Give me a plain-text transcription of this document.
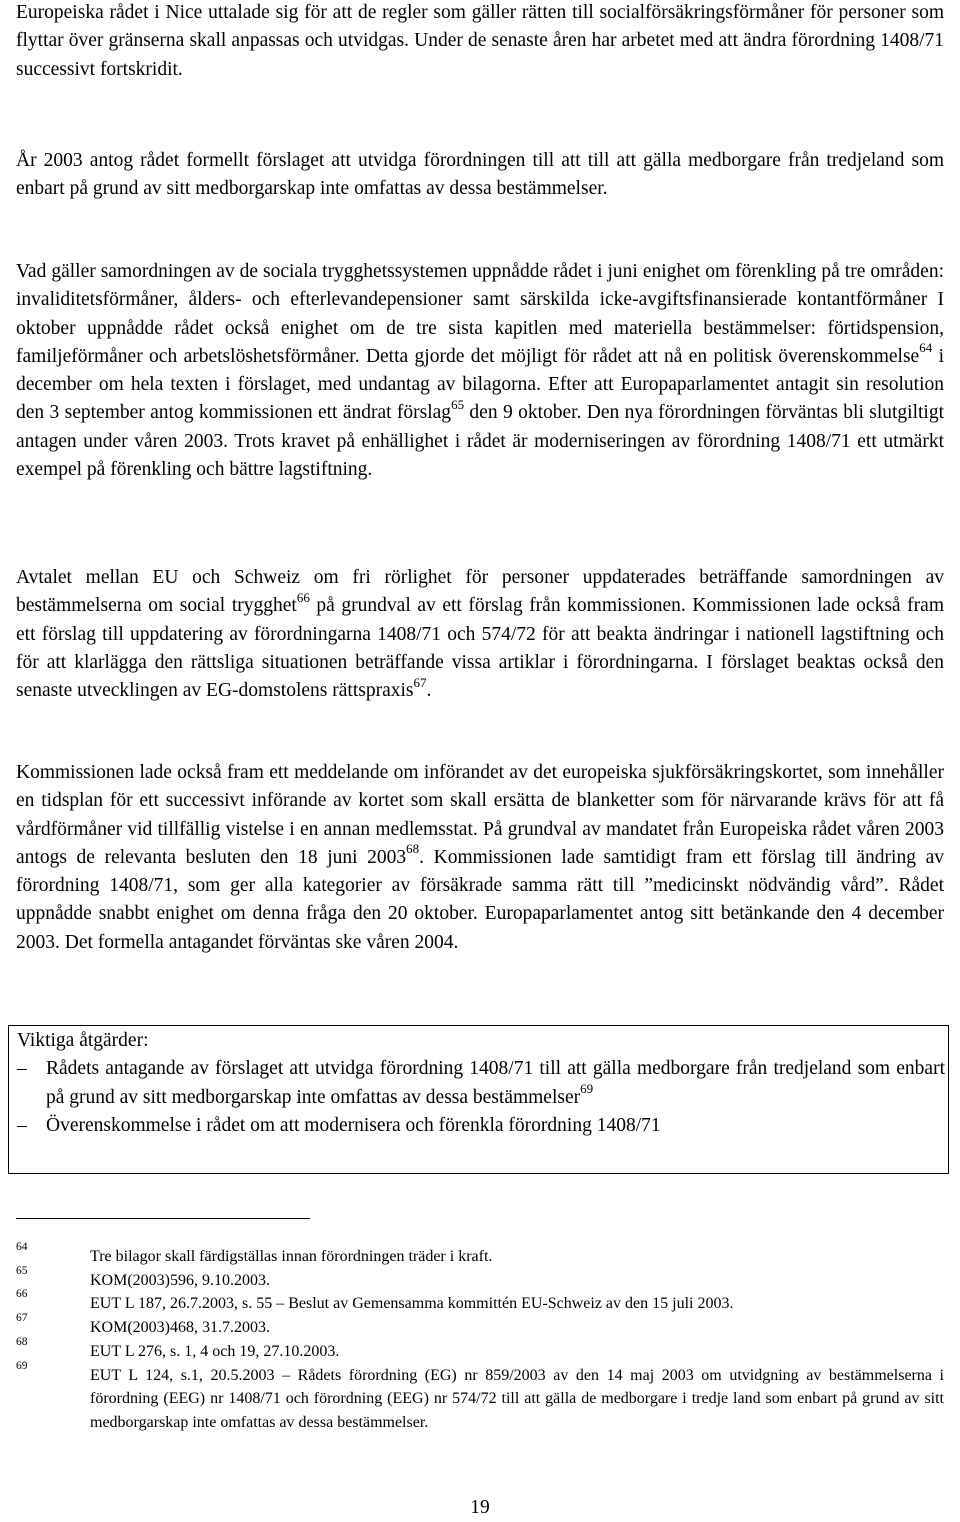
Europeiska rådet i Nice uttalade sig för att de regler som gäller rätten till socialförsäkringsförmåner för personer som flyttar över gränserna skall anpassas och utvidgas. Under de senaste åren har arbetet med att ändra förordning 1408/71 successivt fortskridit.

År 2003 antog rådet formellt förslaget att utvidga förordningen till att till att gälla medborgare från tredjeland som enbart på grund av sitt medborgarskap inte omfattas av dessa bestämmelser.

Vad gäller samordningen av de sociala trygghetssystemen uppnådde rådet i juni enighet om förenkling på tre områden: invaliditetsförmåner, ålders- och efterlevandepensioner samt särskilda icke-avgiftsfinansierade kontantförmåner I oktober uppnådde rådet också enighet om de tre sista kapitlen med materiella bestämmelser: förtidspension, familjeförmåner och arbetslöshetsförmåner. Detta gjorde det möjligt för rådet att nå en politisk överenskommelse$^{64}$ i december om hela texten i förslaget, med undantag av bilagorna. Efter att Europaparlamentet antagit sin resolution den 3 september antog kommissionen ett ändrat förslag$^{65}$ den 9 oktober. Den nya förordningen förväntas bli slutgiltigt antagen under våren 2003. Trots kravet på enhällighet i rådet är moderniseringen av förordning 1408/71 ett utmärkt exempel på förenkling och bättre lagstiftning.

Avtalet mellan EU och Schweiz om fri rörlighet för personer uppdaterades beträffande samordningen av bestämmelserna om social trygghet$^{66}$ på grundval av ett förslag från kommissionen. Kommissionen lade också fram ett förslag till uppdatering av förordningarna 1408/71 och 574/72 för att beakta ändringar i nationell lagstiftning och för att klarlägga den rättsliga situationen beträffande vissa artiklar i förordningarna. I förslaget beaktas också den senaste utvecklingen av EG-domstolens rättspraxis$^{67}$.

Kommissionen lade också fram ett meddelande om införandet av det europeiska sjukförsäkringskortet, som innehåller en tidsplan för ett successivt införande av kortet som skall ersätta de blanketter som för närvarande krävs för att få vårdförmåner vid tillfällig vistelse i en annan medlemsstat. På grundval av mandatet från Europeiska rådet våren 2003 antogs de relevanta besluten den 18 juni 2003$^{68}$. Kommissionen lade samtidigt fram ett förslag till ändring av förordning 1408/71, som ger alla kategorier av försäkrade samma rätt till ”medicinskt nödvändig vård”. Rådet uppnådde snabbt enighet om denna fråga den 20 oktober. Europaparlamentet antog sitt betänkande den 4 december 2003. Det formella antagandet förväntas ske våren 2004.

Viktiga åtgärder:
– Rådets antagande av förslaget att utvidga förordning 1408/71 till att gälla medborgare från tredjeland som enbart på grund av sitt medborgarskap inte omfattas av dessa bestämmelser$^{69}$
– Överenskommelse i rådet om att modernisera och förenkla förordning 1408/71
64
Tre bilagor skall färdigställas innan förordningen träder i kraft.
65
KOM(2003)596, 9.10.2003.
66
EUT L 187, 26.7.2003, s. 55 – Beslut av Gemensamma kommittén EU-Schweiz av den 15 juli 2003.
67
KOM(2003)468, 31.7.2003.
68
EUT L 276, s. 1, 4 och 19, 27.10.2003.
69
EUT L 124, s.1, 20.5.2003 – Rådets förordning (EG) nr 859/2003 av den 14 maj 2003 om utvidgning av bestämmelserna i förordning (EEG) nr 1408/71 och förordning (EEG) nr 574/72 till att gälla de medborgare i tredje land som enbart på grund av sitt medborgarskap inte omfattas av dessa bestämmelser.
19
